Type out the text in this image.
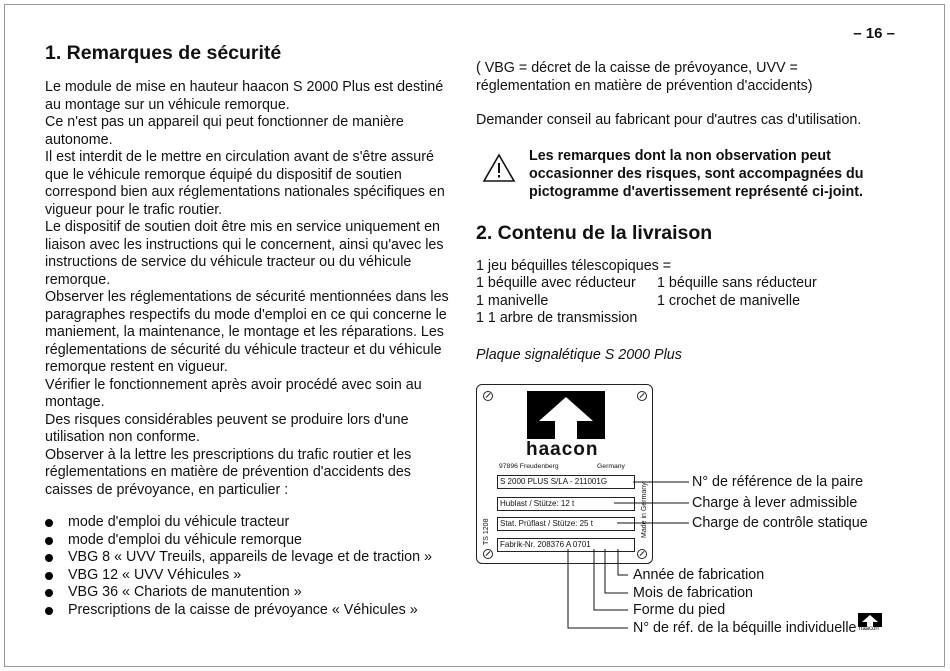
– 16 –
1. Remarques de sécurité

Le module de mise en hauteur haacon S 2000 Plus est destiné au montage sur un véhicule remorque.

Ce n'est pas un appareil qui peut fonctionner de manière autonome.

Il est interdit de le mettre en circulation avant de s'être assuré que le véhicule remorque équipé du dispositif de soutien correspond bien aux réglementations nationales spécifiques en vigueur pour le trafic routier.

Le dispositif de soutien doit être mis en service uniquement en liaison avec les instructions qui le concernent, ainsi qu'avec les instructions de service du véhicule tracteur ou du véhicule remorque.

Observer les réglementations de sécurité mentionnées dans les paragraphes respectifs du mode d'emploi en ce qui concerne le maniement, la maintenance, le montage et les réparations. Les réglementations de sécurité du véhicule tracteur et du véhicule remorque restent en vigueur.

Vérifier le fonctionnement après avoir procédé avec soin au montage.

Des risques considérables peuvent se produire lors d'une utilisation non conforme.

Observer à la lettre les prescriptions du trafic routier et les réglementations en matière de prévention d'accidents des caisses de prévoyance, en particulier :

mode d'emploi du véhicule tracteur
mode d'emploi du véhicule remorque
VBG 8 « UVV Treuils, appareils de levage et de traction »
VBG 12 « UVV Véhicules »
VBG 36 « Chariots de manutention »
Prescriptions de la caisse de prévoyance « Véhicules »

( VBG = décret de la caisse de prévoyance, UVV = réglementation en matière de prévention d'accidents)

Demander conseil au fabricant pour d'autres cas d'utilisation.

Les remarques dont la non observation peut occasionner des risques, sont accompagnées du pictogramme d'avertissement représenté ci-joint.
2. Contenu de la livraison
1 jeu béquilles télescopiques =
1 béquille avec réducteur	1 béquille sans réducteur
1 manivelle	1 crochet de manivelle
1 1 arbre de transmission
Plaque signalétique S 2000 Plus
haacon
97896 Freudenberg	Germany
S 2000 PLUS S/LA - 211001G
Hublast / Stütze: 12 t
Stat. Prüflast / Stütze: 25 t
Fabrik-Nr. 208376 A 0701
TS 1208	Made in Germany
N° de référence de la paire
Charge à lever admissible
Charge de contrôle statique
Année de fabrication
Mois de fabrication
Forme du pied
N° de réf. de la béquille individuelle haacon
